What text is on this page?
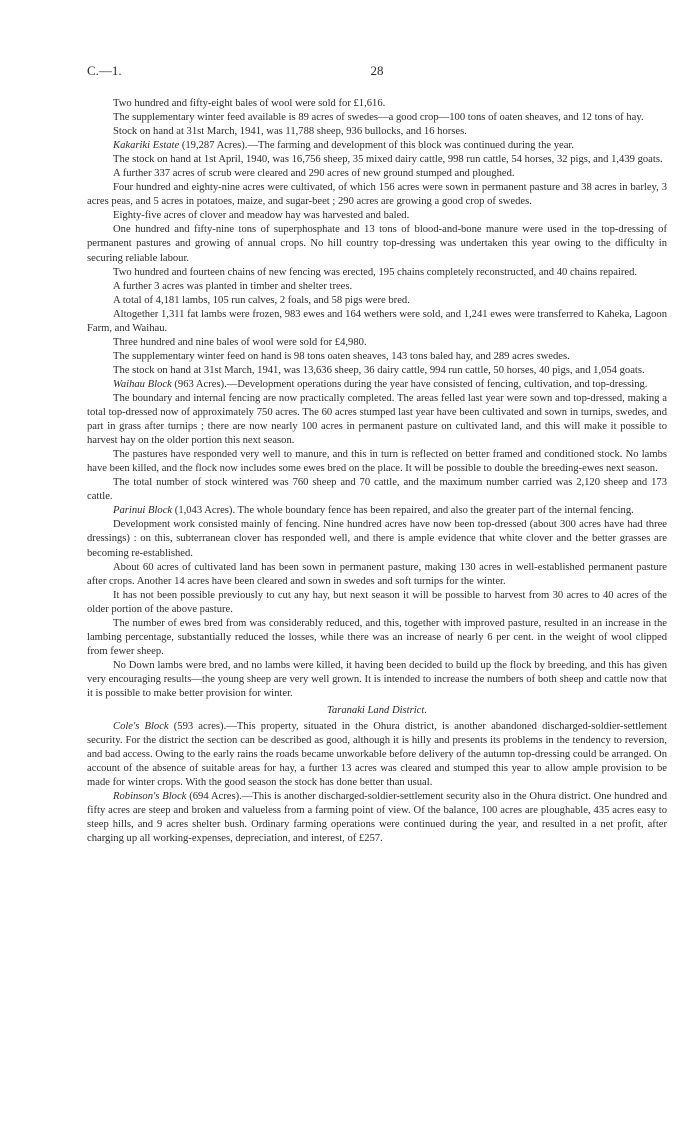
C.—1.	28

Two hundred and fifty-eight bales of wool were sold for £1,616.

The supplementary winter feed available is 89 acres of swedes—a good crop—100 tons of oaten sheaves, and 12 tons of hay.

Stock on hand at 31st March, 1941, was 11,788 sheep, 936 bullocks, and 16 horses.

Kakariki Estate (19,287 Acres).—The farming and development of this block was continued during the year.

The stock on hand at 1st April, 1940, was 16,756 sheep, 35 mixed dairy cattle, 998 run cattle, 54 horses, 32 pigs, and 1,439 goats.

A further 337 acres of scrub were cleared and 290 acres of new ground stumped and ploughed.

Four hundred and eighty-nine acres were cultivated, of which 156 acres were sown in permanent pasture and 38 acres in barley, 3 acres peas, and 5 acres in potatoes, maize, and sugar-beet ; 290 acres are growing a good crop of swedes.

Eighty-five acres of clover and meadow hay was harvested and baled.

One hundred and fifty-nine tons of superphosphate and 13 tons of blood-and-bone manure were used in the top-dressing of permanent pastures and growing of annual crops. No hill country top-dressing was undertaken this year owing to the difficulty in securing reliable labour.

Two hundred and fourteen chains of new fencing was erected, 195 chains completely reconstructed, and 40 chains repaired.

A further 3 acres was planted in timber and shelter trees.

A total of 4,181 lambs, 105 run calves, 2 foals, and 58 pigs were bred.

Altogether 1,311 fat lambs were frozen, 983 ewes and 164 wethers were sold, and 1,241 ewes were transferred to Kaheka, Lagoon Farm, and Waihau.

Three hundred and nine bales of wool were sold for £4,980.

The supplementary winter feed on hand is 98 tons oaten sheaves, 143 tons baled hay, and 289 acres swedes.

The stock on hand at 31st March, 1941, was 13,636 sheep, 36 dairy cattle, 994 run cattle, 50 horses, 40 pigs, and 1,054 goats.

Waihau Block (963 Acres).—Development operations during the year have consisted of fencing, cultivation, and top-dressing.

The boundary and internal fencing are now practically completed. The areas felled last year were sown and top-dressed, making a total top-dressed now of approximately 750 acres. The 60 acres stumped last year have been cultivated and sown in turnips, swedes, and part in grass after turnips ; there are now nearly 100 acres in permanent pasture on cultivated land, and this will make it possible to harvest hay on the older portion this next season.

The pastures have responded very well to manure, and this in turn is reflected on better framed and conditioned stock. No lambs have been killed, and the flock now includes some ewes bred on the place. It will be possible to double the breeding-ewes next season.

The total number of stock wintered was 760 sheep and 70 cattle, and the maximum number carried was 2,120 sheep and 173 cattle.

Parinui Block (1,043 Acres). The whole boundary fence has been repaired, and also the greater part of the internal fencing.

Development work consisted mainly of fencing. Nine hundred acres have now been top-dressed (about 300 acres have had three dressings) : on this, subterranean clover has responded well, and there is ample evidence that white clover and the better grasses are becoming re-established.

About 60 acres of cultivated land has been sown in permanent pasture, making 130 acres in well-established permanent pasture after crops. Another 14 acres have been cleared and sown in swedes and soft turnips for the winter.

It has not been possible previously to cut any hay, but next season it will be possible to harvest from 30 acres to 40 acres of the older portion of the above pasture.

The number of ewes bred from was considerably reduced, and this, together with improved pasture, resulted in an increase in the lambing percentage, substantially reduced the losses, while there was an increase of nearly 6 per cent. in the weight of wool clipped from fewer sheep.

No Down lambs were bred, and no lambs were killed, it having been decided to build up the flock by breeding, and this has given very encouraging results—the young sheep are very well grown. It is intended to increase the numbers of both sheep and cattle now that it is possible to make better provision for winter.

Taranaki Land District.

Cole's Block (593 acres).—This property, situated in the Ohura district, is another abandoned discharged-soldier-settlement security. For the district the section can be described as good, although it is hilly and presents its problems in the tendency to reversion, and bad access. Owing to the early rains the roads became unworkable before delivery of the autumn top-dressing could be arranged. On account of the absence of suitable areas for hay, a further 13 acres was cleared and stumped this year to allow ample provision to be made for winter crops. With the good season the stock has done better than usual.

Robinson's Block (694 Acres).—This is another discharged-soldier-settlement security also in the Ohura district. One hundred and fifty acres are steep and broken and valueless from a farming point of view. Of the balance, 100 acres are ploughable, 435 acres easy to steep hills, and 9 acres shelter bush. Ordinary farming operations were continued during the year, and resulted in a net profit, after charging up all working-expenses, depreciation, and interest, of £257.
